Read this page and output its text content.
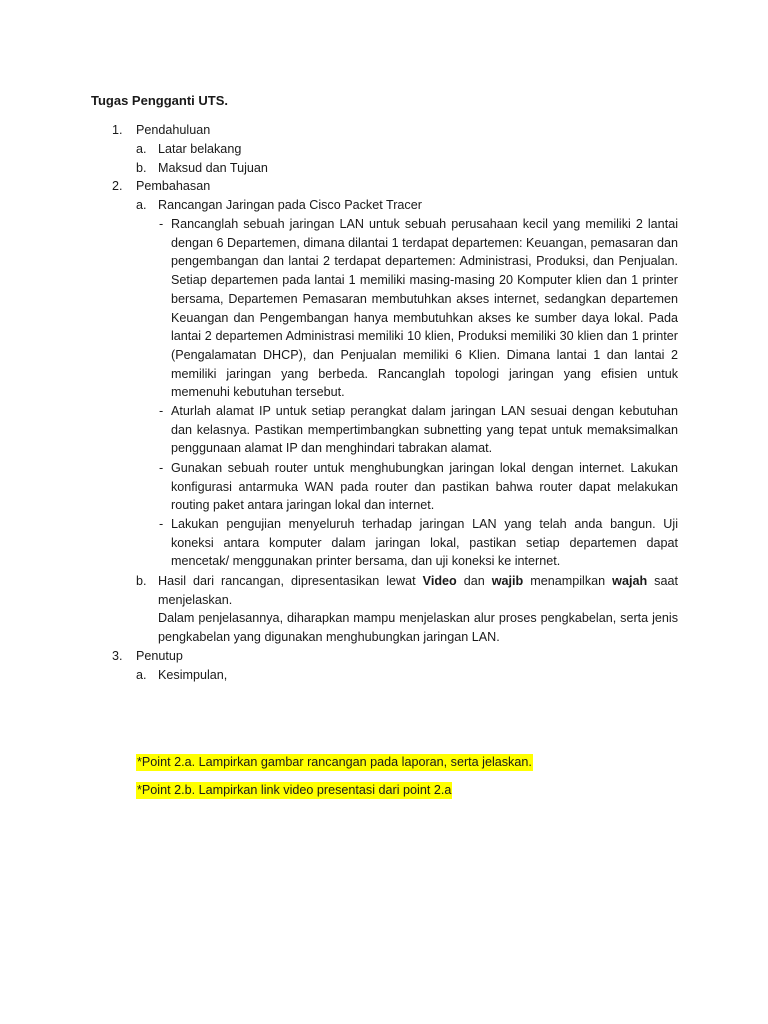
Tugas Pengganti UTS.
1. Pendahuluan
a. Latar belakang
b. Maksud dan Tujuan
2. Pembahasan
a. Rancangan Jaringan pada Cisco Packet Tracer
- Rancanglah sebuah jaringan LAN untuk sebuah perusahaan kecil yang memiliki 2 lantai dengan 6 Departemen, dimana dilantai 1 terdapat departemen: Keuangan, pemasaran dan pengembangan dan lantai 2 terdapat departemen: Administrasi, Produksi, dan Penjualan. Setiap departemen pada lantai 1 memiliki masing-masing 20 Komputer klien dan 1 printer bersama, Departemen Pemasaran membutuhkan akses internet, sedangkan departemen Keuangan dan Pengembangan hanya membutuhkan akses ke sumber daya lokal. Pada lantai 2 departemen Administrasi memiliki 10 klien, Produksi memiliki 30 klien dan 1 printer (Pengalamatan DHCP), dan Penjualan memiliki 6 Klien. Dimana lantai 1 dan lantai 2 memiliki jaringan yang berbeda. Rancanglah topologi jaringan yang efisien untuk memenuhi kebutuhan tersebut.
- Aturlah alamat IP untuk setiap perangkat dalam jaringan LAN sesuai dengan kebutuhan dan kelasnya. Pastikan mempertimbangkan subnetting yang tepat untuk memaksimalkan penggunaan alamat IP dan menghindari tabrakan alamat.
- Gunakan sebuah router untuk menghubungkan jaringan lokal dengan internet. Lakukan konfigurasi antarmuka WAN pada router dan pastikan bahwa router dapat melakukan routing paket antara jaringan lokal dan internet.
- Lakukan pengujian menyeluruh terhadap jaringan LAN yang telah anda bangun. Uji koneksi antara komputer dalam jaringan lokal, pastikan setiap departemen dapat mencetak/ menggunakan printer bersama, dan uji koneksi ke internet.
b. Hasil dari rancangan, dipresentasikan lewat Video dan wajib menampilkan wajah saat menjelaskan.
Dalam penjelasannya, diharapkan mampu menjelaskan alur proses pengkabelan, serta jenis pengkabelan yang digunakan menghubungkan jaringan LAN.
3. Penutup
a. Kesimpulan,
*Point 2.a. Lampirkan gambar rancangan pada laporan, serta jelaskan.
*Point 2.b. Lampirkan link video presentasi dari point 2.a
